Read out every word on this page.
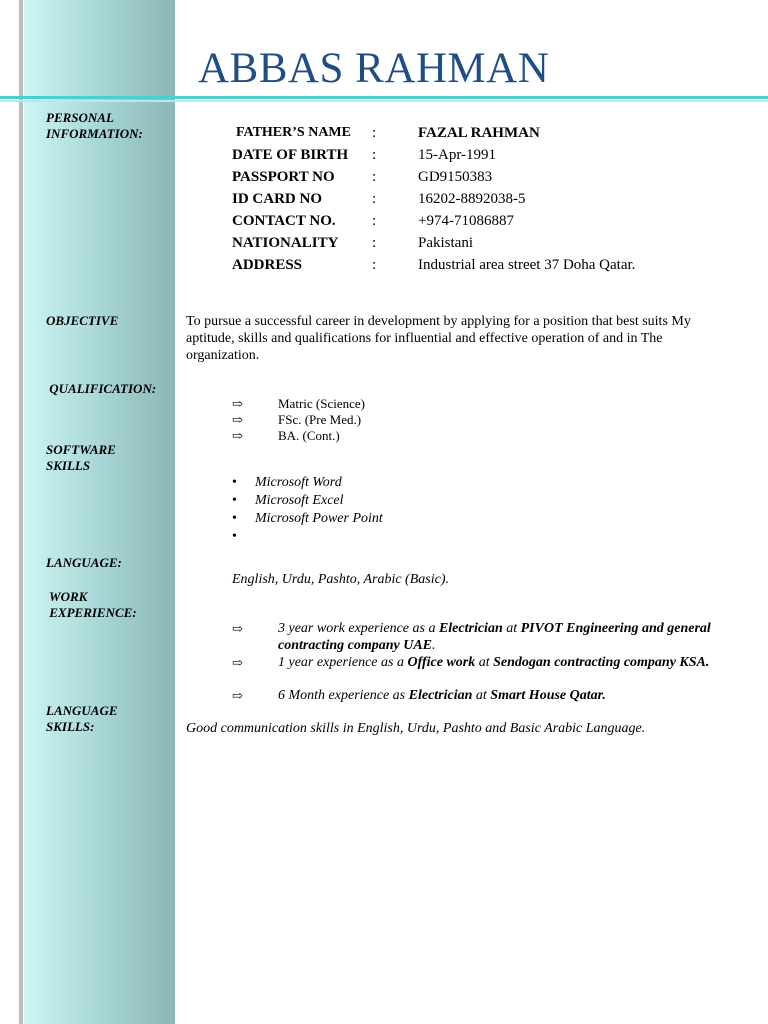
ABBAS RAHMAN
PERSONAL
INFORMATION:
OBJECTIVE
QUALIFICATION:
SOFTWARE
SKILLS
LANGUAGE:
WORK
EXPERIENCE:
LANGUAGE
SKILLS:
FATHER’S NAME :	FAZAL RAHMAN
DATE OF BIRTH :	15-Apr-1991
PASSPORT NO :	GD9150383
ID CARD NO	:	16202-8892038-5
CONTACT NO. :	+974-71086887
NATIONALITY :	Pakistani
ADDRESS	:	Industrial area street 37 Doha Qatar.
To pursue a successful career in development by applying for a position that best suits My aptitude, skills and qualifications for influential and effective operation of and in The organization.
⇨	Matric (Science)
⇨	FSc. (Pre Med.)
⇨	BA. (Cont.)
• Microsoft Word
• Microsoft Excel
• Microsoft Power Point
•
English, Urdu, Pashto, Arabic (Basic).
⇨	3 year work experience as a Electrician at PIVOT Engineering and general contracting company UAE.
⇨	1 year experience as a Office work at Sendogan contracting company KSA.
⇨	6 Month experience as Electrician at Smart House Qatar.
Good communication skills in English, Urdu, Pashto and Basic Arabic Language.
